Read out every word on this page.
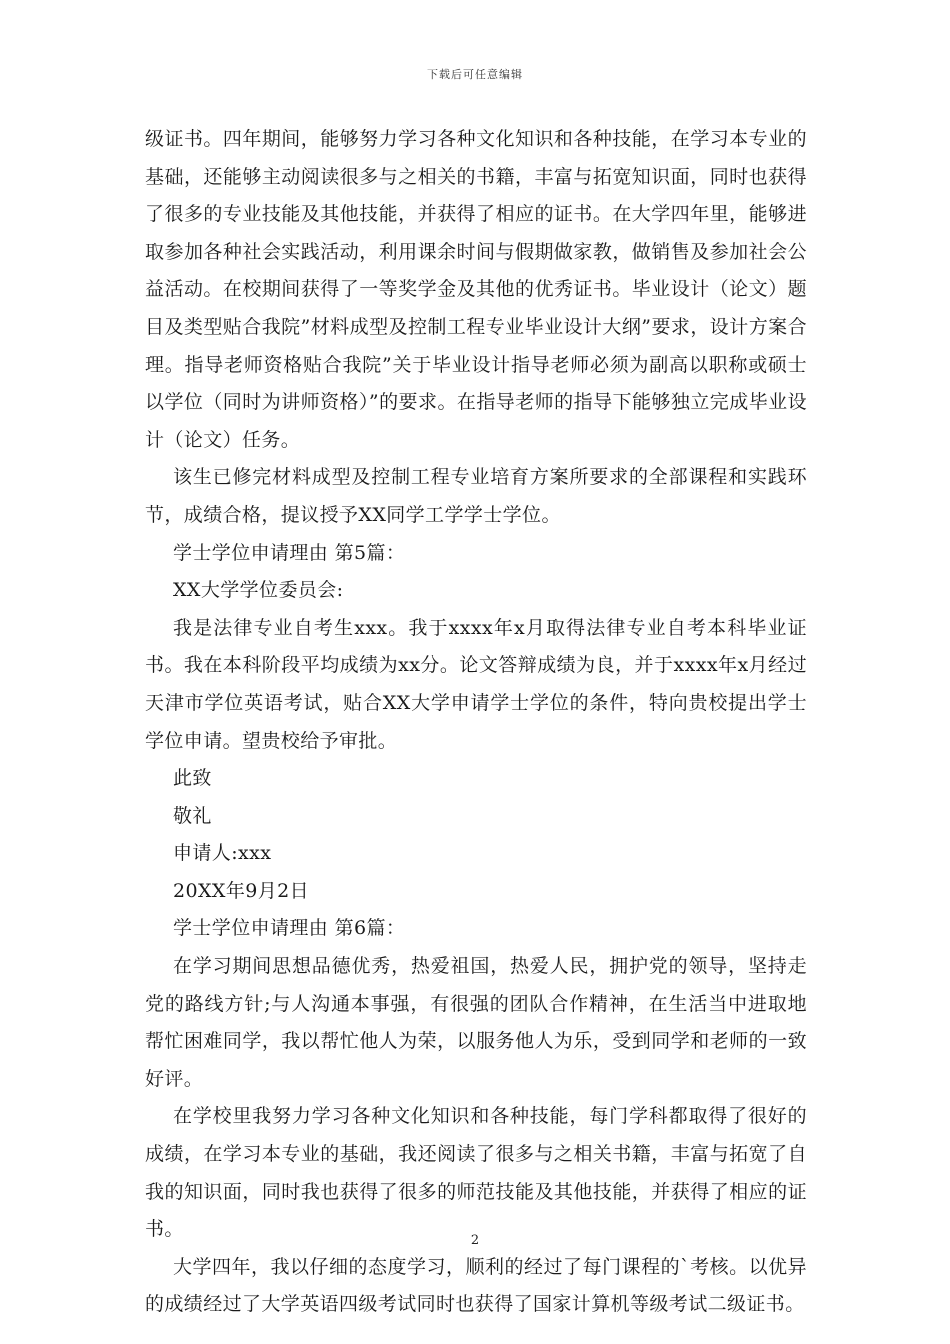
下载后可任意编辑

级证书。四年期间，能够努力学习各种文化知识和各种技能，在学习本专业的基础，还能够主动阅读很多与之相关的书籍，丰富与拓宽知识面，同时也获得了很多的专业技能及其他技能，并获得了相应的证书。在大学四年里，能够进取参加各种社会实践活动，利用课余时间与假期做家教，做销售及参加社会公益活动。在校期间获得了一等奖学金及其他的优秀证书。毕业设计（论文）题目及类型贴合我院”材料成型及控制工程专业毕业设计大纲”要求，设计方案合理。指导老师资格贴合我院”关于毕业设计指导老师必须为副高以职称或硕士以学位（同时为讲师资格）”的要求。在指导老师的指导下能够独立完成毕业设计（论文）任务。

该生已修完材料成型及控制工程专业培育方案所要求的全部课程和实践环节，成绩合格，提议授予XX同学工学学士学位。

学士学位申请理由 第5篇：

XX大学学位委员会:

我是法律专业自考生xxx。我于xxxx年x月取得法律专业自考本科毕业证书。我在本科阶段平均成绩为xx分。论文答辩成绩为良，并于xxxx年x月经过天津市学位英语考试，贴合XX大学申请学士学位的条件，特向贵校提出学士学位申请。望贵校给予审批。

此致

敬礼

申请人:xxx

20XX年9月2日

学士学位申请理由 第6篇：

在学习期间思想品德优秀，热爱祖国，热爱人民，拥护党的领导，坚持走党的路线方针;与人沟通本事强，有很强的团队合作精神，在生活当中进取地帮忙困难同学，我以帮忙他人为荣，以服务他人为乐，受到同学和老师的一致好评。

在学校里我努力学习各种文化知识和各种技能，每门学科都取得了很好的成绩，在学习本专业的基础，我还阅读了很多与之相关书籍，丰富与拓宽了自我的知识面，同时我也获得了很多的师范技能及其他技能，并获得了相应的证书。

大学四年，我以仔细的态度学习，顺利的经过了每门课程的`考核。以优异的成绩经过了大学英语四级考试同时也获得了国家计算机等级考试二级证书。

2
